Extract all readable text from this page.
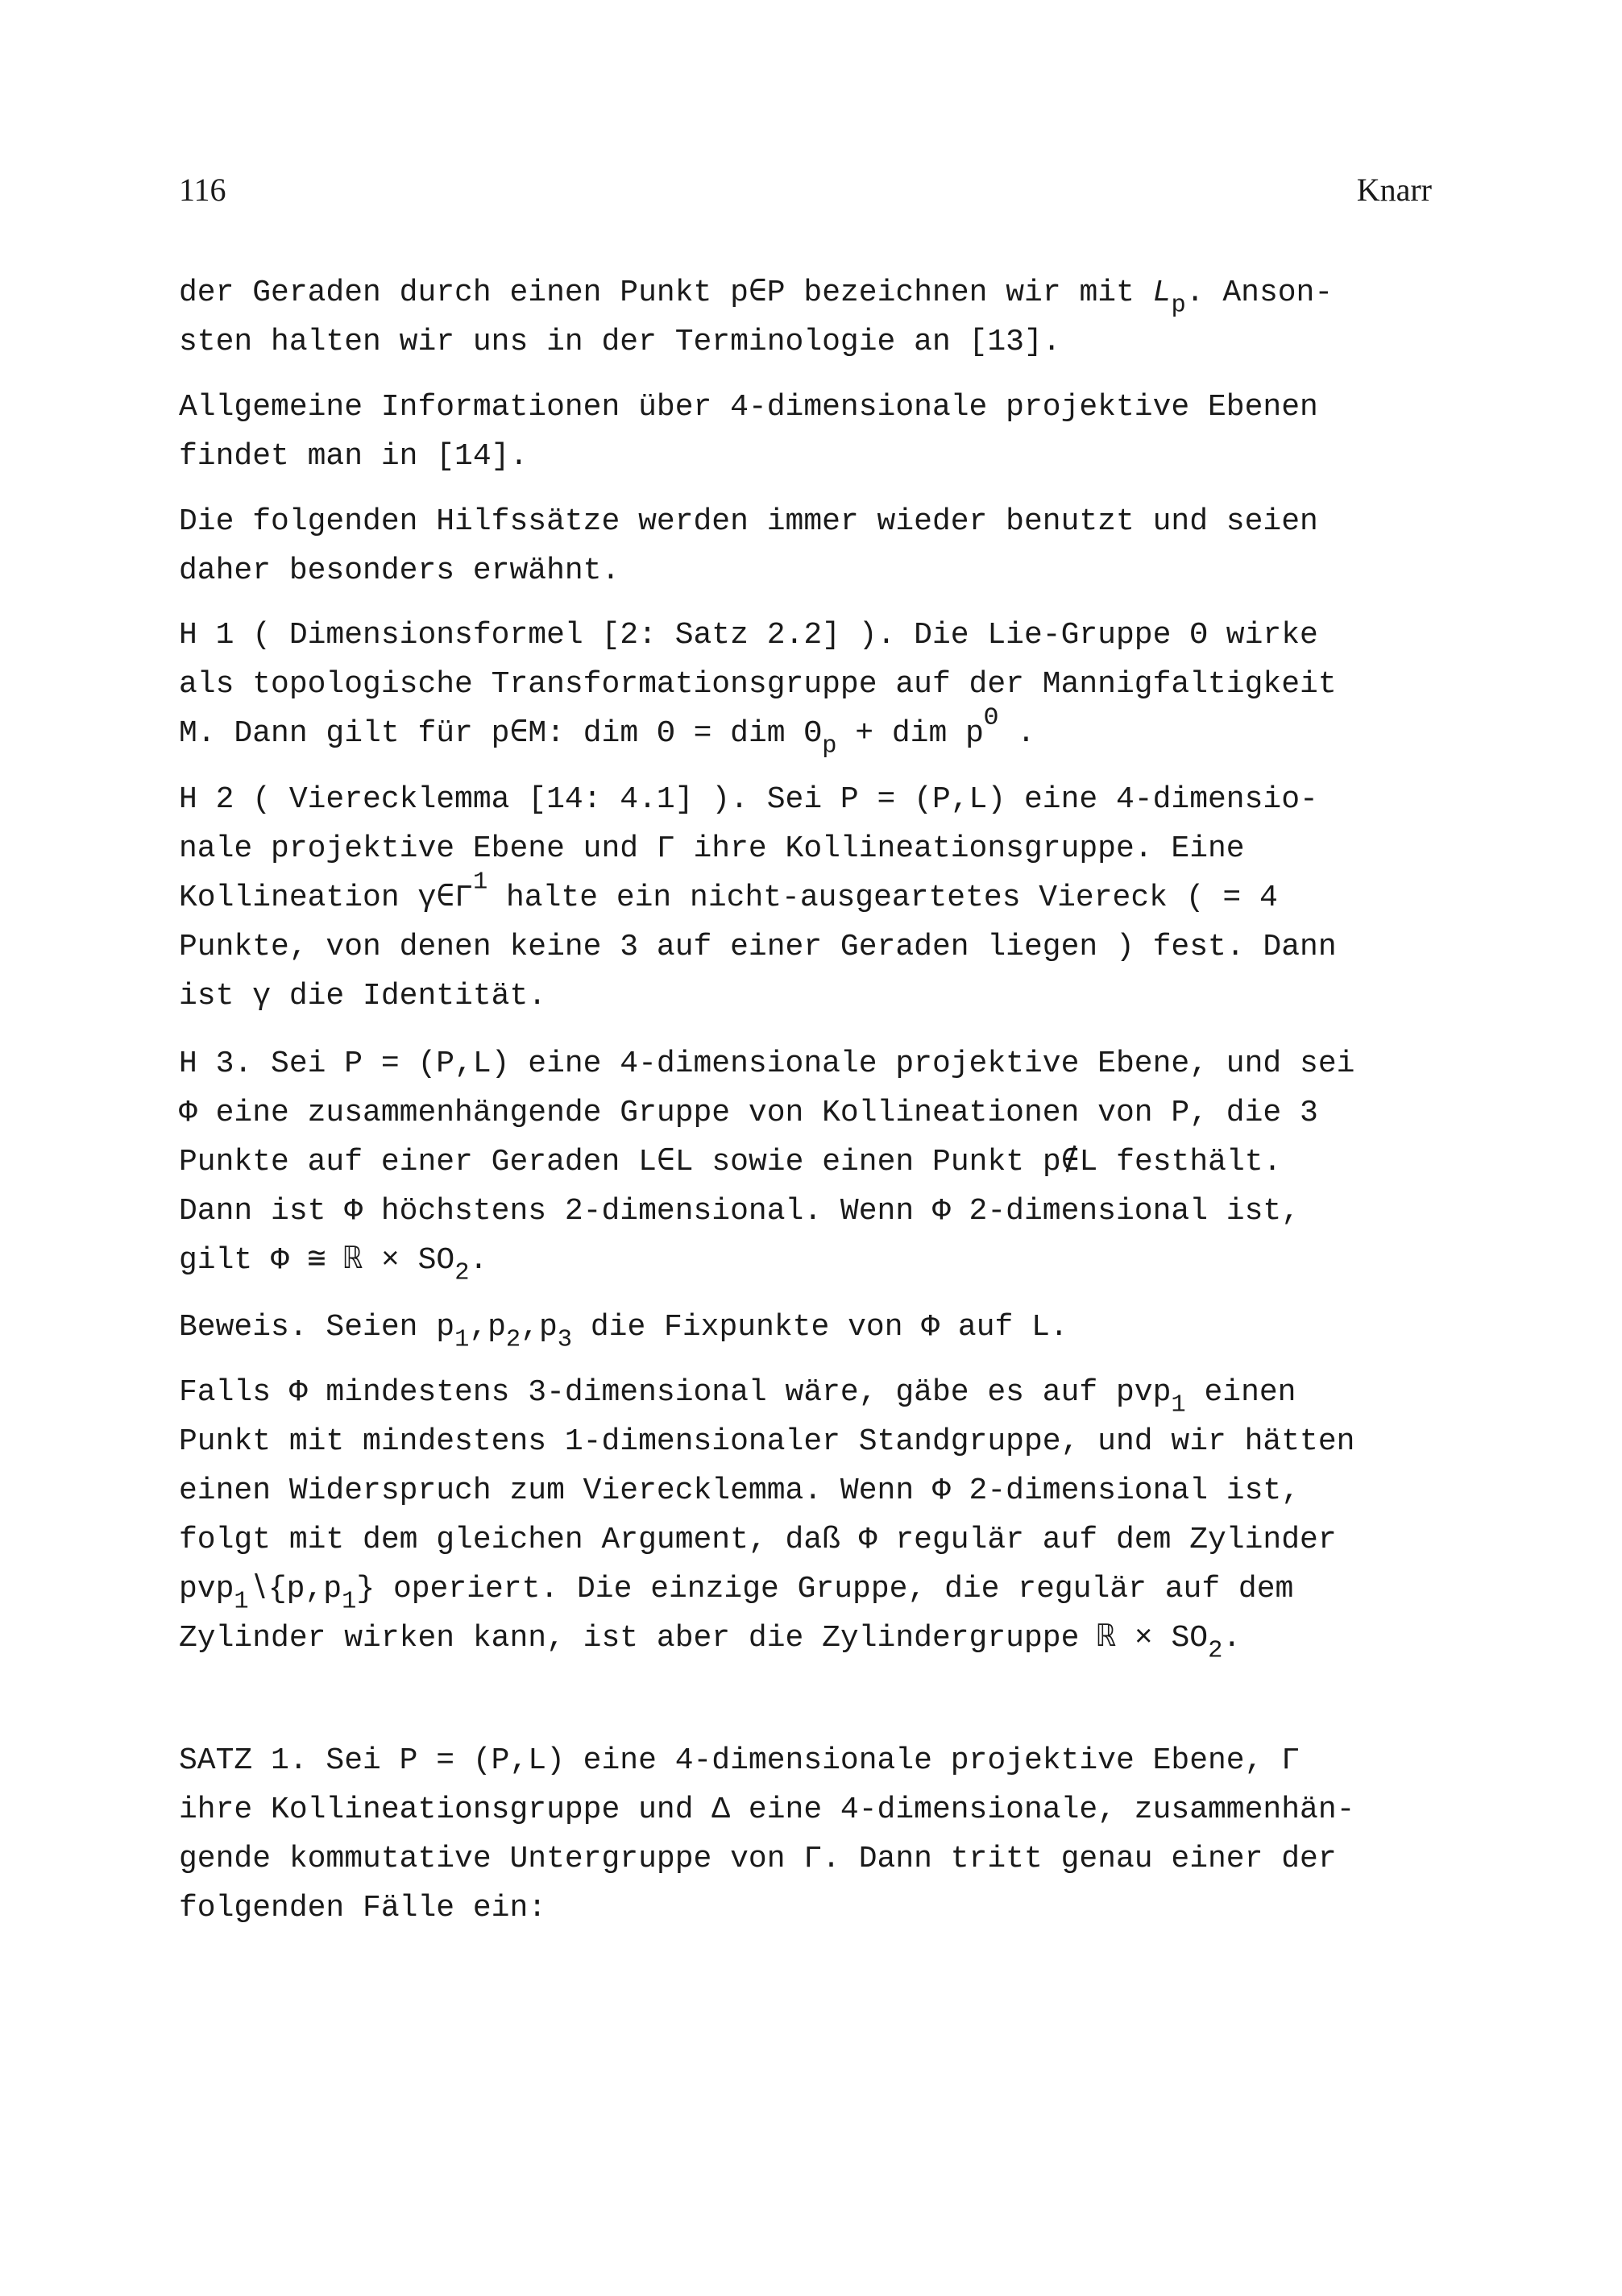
116	Knarr
der Geraden durch einen Punkt p∈P bezeichnen wir mit $L_p$. Anson-
sten halten wir uns in der Terminologie an [13].
Allgemeine Informationen über 4-dimensionale projektive Ebenen
findet man in [14].
Die folgenden Hilfssätze werden immer wieder benutzt und seien
daher besonders erwähnt.
H 1 ( Dimensionsformel [2: Satz 2.2] ). Die Lie-Gruppe Θ wirke
als topologische Transformationsgruppe auf der Mannigfaltigkeit
M. Dann gilt für p∈M: dim Θ = dim $\Theta_p$ + dim $p^\Theta$ .
H 2 ( Vierecklemma [14: 4.1] ). Sei P = (P,L) eine 4-dimensio-
nale projektive Ebene und Γ ihre Kollineationsgruppe. Eine
Kollineation $\gamma\in\Gamma^1$ halte ein nicht-ausgeartetes Viereck ( = 4
Punkte, von denen keine 3 auf einer Geraden liegen ) fest. Dann
ist γ die Identität.
H 3. Sei P = (P,L) eine 4-dimensionale projektive Ebene, und sei
Φ eine zusammenhängende Gruppe von Kollineationen von P, die 3
Punkte auf einer Geraden L∈L sowie einen Punkt p∉L festhält.
Dann ist Φ höchstens 2-dimensional. Wenn Φ 2-dimensional ist,
gilt Φ ≅ ℝ × $SO_2$.
Beweis. Seien $p_1,p_2,p_3$ die Fixpunkte von Φ auf L.
Falls Φ mindestens 3-dimensional wäre, gäbe es auf pvp$_1$ einen
Punkt mit mindestens 1-dimensionaler Standgruppe, und wir hätten
einen Widerspruch zum Vierecklemma. Wenn Φ 2-dimensional ist,
folgt mit dem gleichen Argument, daß Φ regulär auf dem Zylinder
$pvp_1∖\{p,p_1\}$ operiert. Die einzige Gruppe, die regulär auf dem
Zylinder wirken kann, ist aber die Zylindergruppe ℝ × $SO_2$.
SATZ 1. Sei P = (P,L) eine 4-dimensionale projektive Ebene, Γ
ihre Kollineationsgruppe und Δ eine 4-dimensionale, zusammenhän-
gende kommutative Untergruppe von Γ. Dann tritt genau einer der
folgenden Fälle ein:
